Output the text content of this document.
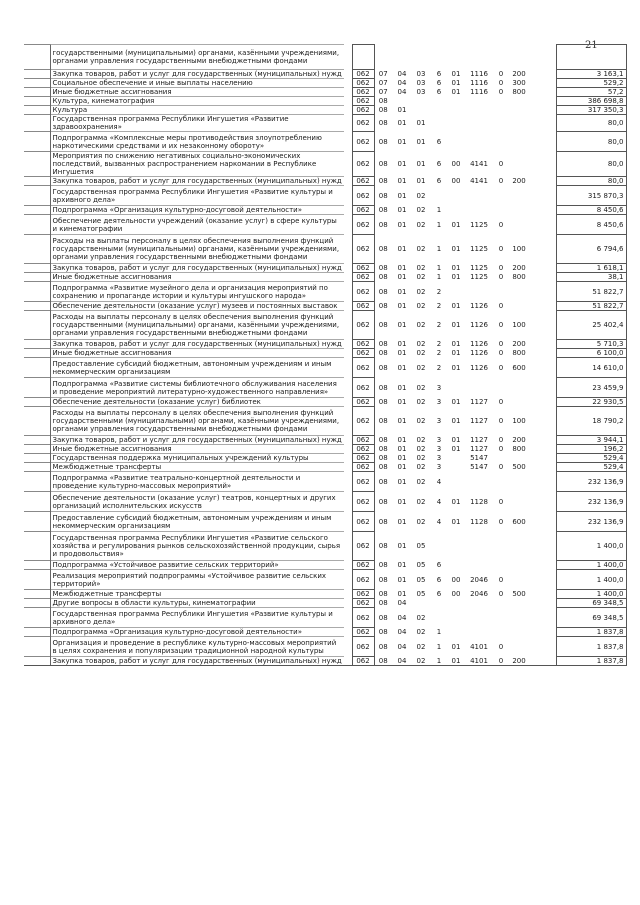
21
	государственными (муниципальными) органами, казёнными учреждениями, органами управления государственными внебюджетными фондами												
	Закупка товаров, работ и услуг для государственных (муниципальных) нужд		062	07	04	03	6	01	1116	0	200		3 163,1
	Социальное обеспечение и иные выплаты населению		062	07	04	03	6	01	1116	0	300		529,2
	Иные бюджетные ассигнования		062	07	04	03	6	01	1116	0	800		57,2
	Культура, кинематография		062	08									386 698,8
	Культура		062	08	01								317 350,3
	Государственная программа Республики Ингушетия «Развитие здравоохранения»		062	08	01	01							80,0
	Подпрограмма «Комплексные меры противодействия злоупотреблению наркотическими средствами и их незаконному обороту»		062	08	01	01	6						80,0
	Мероприятия по снижению негативных социально-экономических последствий, вызванных распространением наркомании в Республике Ингушетия		062	08	01	01	6	00	4141	0			80,0
	Закупка товаров, работ и услуг для государственных (муниципальных) нужд		062	08	01	01	6	00	4141	0	200		80,0
	Государственная программа Республики Ингушетия «Развитие культуры и архивного дела»		062	08	01	02							315 870,3
	Подпрограмма «Организация культурно-досуговой деятельности»		062	08	01	02	1						8 450,6
	Обеспечение деятельности учреждений (оказание услуг) в сфере культуры и кинематографии		062	08	01	02	1	01	1125	0			8 450,6
	Расходы на выплаты персоналу в целях обеспечения выполнения функций государственными (муниципальными) органами, казёнными учреждениями, органами управления государственными внебюджетными фондами		062	08	01	02	1	01	1125	0	100		6 794,6
	Закупка товаров, работ и услуг для государственных (муниципальных) нужд		062	08	01	02	1	01	1125	0	200		1 618,1
	Иные бюджетные ассигнования		062	08	01	02	1	01	1125	0	800		38,1
	Подпрограмма «Развитие музейного дела и организация мероприятий по сохранению и пропаганде истории и культуры ингушского народа»		062	08	01	02	2						51 822,7
	Обеспечение деятельности (оказание услуг) музеев и постоянных выставок		062	08	01	02	2	01	1126	0			51 822,7
	Расходы на выплаты персоналу в целях обеспечения выполнения функций государственными (муниципальными) органами, казёнными учреждениями, органами управления государственными внебюджетными фондами		062	08	01	02	2	01	1126	0	100		25 402,4
	Закупка товаров, работ и услуг для государственных (муниципальных) нужд		062	08	01	02	2	01	1126	0	200		5 710,3
	Иные бюджетные ассигнования		062	08	01	02	2	01	1126	0	800		6 100,0
	Предоставление субсидий бюджетным, автономным учреждениям и иным некоммерческим организациям		062	08	01	02	2	01	1126	0	600		14 610,0
	Подпрограмма «Развитие системы библиотечного обслуживания населения и проведение мероприятий литературно-художественного направления»		062	08	01	02	3						23 459,9
	Обеспечение деятельности (оказание услуг) библиотек		062	08	01	02	3	01	1127	0			22 930,5
	Расходы на выплаты персоналу в целях обеспечения выполнения функций государственными (муниципальными) органами, казёнными учреждениями, органами управления государственными внебюджетными фондами		062	08	01	02	3	01	1127	0	100		18 790,2
	Закупка товаров, работ и услуг для государственных (муниципальных) нужд		062	08	01	02	3	01	1127	0	200		3 944,1
	Иные бюджетные ассигнования		062	08	01	02	3	01	1127	0	800		196,2
	Государственная поддержка муниципальных учреждений культуры		062	08	01	02	3		5147				529,4
	Межбюджетные трансферты		062	08	01	02	3		5147	0	500		529,4
	Подпрограмма «Развитие театрально-концертной деятельности и проведение культурно-массовых мероприятий»		062	08	01	02	4						232 136,9
	Обеспечение деятельности (оказание услуг) театров, концертных и других организаций исполнительских искусств		062	08	01	02	4	01	1128	0			232 136,9
	Предоставление субсидий бюджетным, автономным учреждениям и иным некоммерческим организациям		062	08	01	02	4	01	1128	0	600		232 136,9
	Государственная программа Республики Ингушетия «Развитие сельского хозяйства и регулирования рынков сельскохозяйственной продукции, сырья и продовольствия»		062	08	01	05							1 400,0
	Подпрограмма «Устойчивое развитие сельских территорий»		062	08	01	05	6						1 400,0
	Реализация мероприятий подпрограммы «Устойчивое развитие сельских территорий»		062	08	01	05	6	00	2046	0			1 400,0
	Межбюджетные трансферты		062	08	01	05	6	00	2046	0	500		1 400,0
	Другие вопросы в области культуры, кинематографии		062	08	04								69 348,5
	Государственная программа Республики Ингушетия «Развитие культуры и архивного дела»		062	08	04	02							69 348,5
	Подпрограмма «Организация культурно-досуговой деятельности»		062	08	04	02	1						1 837,8
	Организация и проведение в республике культурно-массовых мероприятий в целях сохранения и популяризации традиционной народной культуры		062	08	04	02	1	01	4101	0			1 837,8
	Закупка товаров, работ и услуг для государственных (муниципальных) нужд		062	08	04	02	1	01	4101	0	200		1 837,8
